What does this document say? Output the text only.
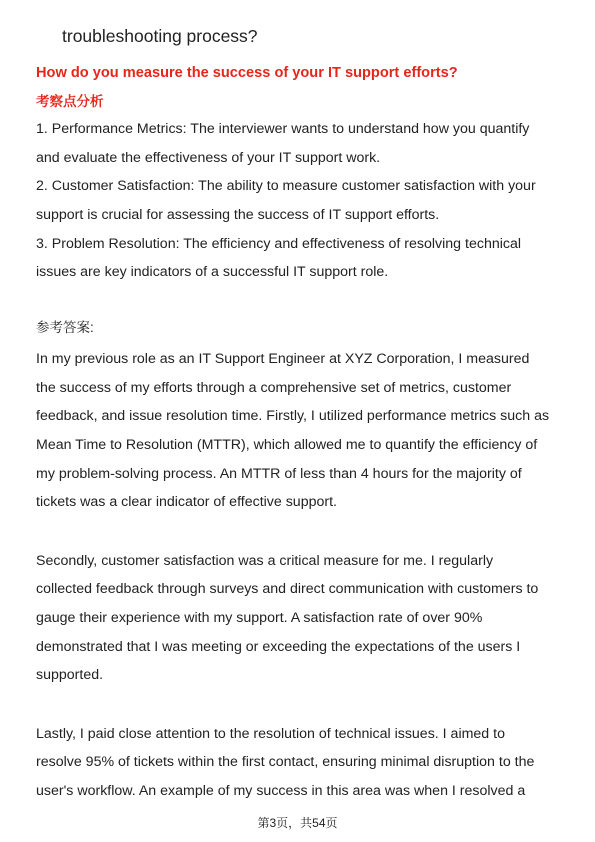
troubleshooting process?
How do you measure the success of your IT support efforts?
考察点分析
1. Performance Metrics: The interviewer wants to understand how you quantify
and evaluate the effectiveness of your IT support work.
2. Customer Satisfaction: The ability to measure customer satisfaction with your
support is crucial for assessing the success of IT support efforts.
3. Problem Resolution: The efficiency and effectiveness of resolving technical
issues are key indicators of a successful IT support role.
参考答案:
In my previous role as an IT Support Engineer at XYZ Corporation, I measured
the success of my efforts through a comprehensive set of metrics, customer
feedback, and issue resolution time. Firstly, I utilized performance metrics such as
Mean Time to Resolution (MTTR), which allowed me to quantify the efficiency of
my problem-solving process. An MTTR of less than 4 hours for the majority of
tickets was a clear indicator of effective support.
Secondly, customer satisfaction was a critical measure for me. I regularly
collected feedback through surveys and direct communication with customers to
gauge their experience with my support. A satisfaction rate of over 90%
demonstrated that I was meeting or exceeding the expectations of the users I
supported.
Lastly, I paid close attention to the resolution of technical issues. I aimed to
resolve 95% of tickets within the first contact, ensuring minimal disruption to the
user's workflow. An example of my success in this area was when I resolved a
第3页，共54页
